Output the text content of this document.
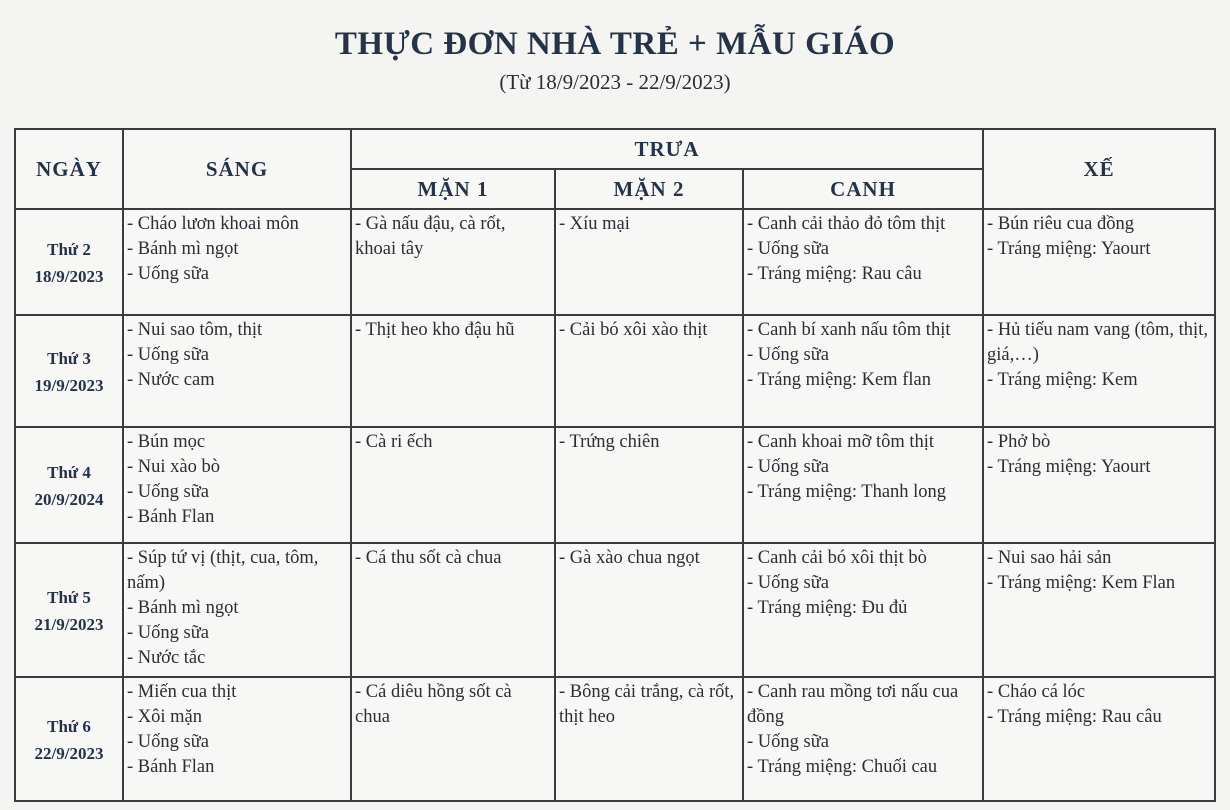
THỰC ĐƠN NHÀ TRẺ + MẪU GIÁO
(Từ 18/9/2023 - 22/9/2023)
NGÀY	SÁNG	TRƯA			XẾ
		MẶN 1	MẶN 2	CANH	

Thứ 2
18/9/2023	- Cháo lươn khoai môn
- Bánh mì ngọt
- Uống sữa	- Gà nấu đậu, cà rốt, khoai tây	- Xíu mại	- Canh cải thảo đỏ tôm thịt
- Uống sữa
- Tráng miệng: Rau câu	- Bún riêu cua đồng
- Tráng miệng: Yaourt

Thứ 3
19/9/2023	- Nui sao tôm, thịt
- Uống sữa
- Nước cam	- Thịt heo kho đậu hũ	- Cải bó xôi xào thịt	- Canh bí xanh nấu tôm thịt
- Uống sữa
- Tráng miệng: Kem flan	- Hủ tiếu nam vang (tôm, thịt, giá,…)
- Tráng miệng: Kem

Thứ 4
20/9/2024	- Bún mọc
- Nui xào bò
- Uống sữa
- Bánh Flan	- Cà ri ếch	- Trứng chiên	- Canh khoai mỡ tôm thịt
- Uống sữa
- Tráng miệng: Thanh long	- Phở bò
- Tráng miệng: Yaourt

Thứ 5
21/9/2023	- Súp tứ vị (thịt, cua, tôm, nấm)
- Bánh mì ngọt
- Uống sữa
- Nước tắc	- Cá thu sốt cà chua	- Gà xào chua ngọt	- Canh cải bó xôi thịt bò
- Uống sữa
- Tráng miệng: Đu đủ	- Nui sao hải sản
- Tráng miệng: Kem Flan

Thứ 6
22/9/2023	- Miến cua thịt
- Xôi mặn
- Uống sữa
- Bánh Flan	- Cá diêu hồng sốt cà chua	- Bông cải trắng, cà rốt, thịt heo	- Canh rau mồng tơi nấu cua đồng
- Uống sữa
- Tráng miệng: Chuối cau	- Cháo cá lóc
- Tráng miệng: Rau câu
